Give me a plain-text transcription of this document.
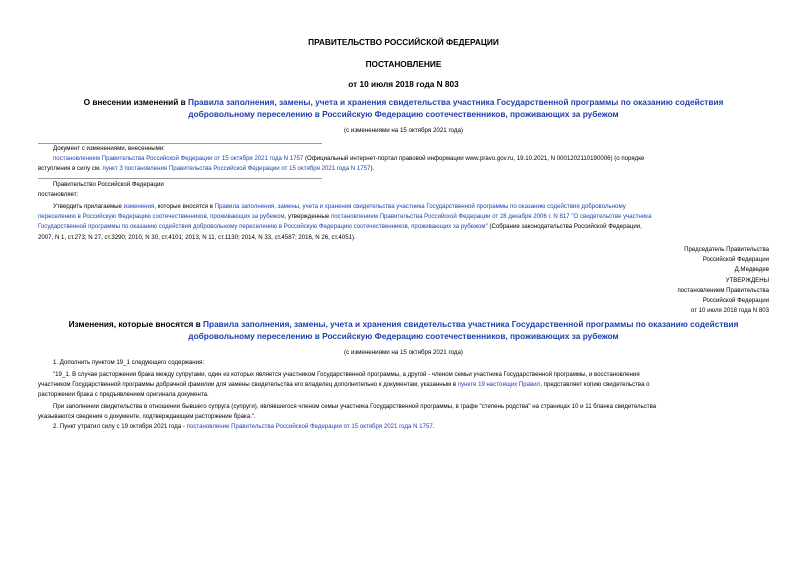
ПРАВИТЕЛЬСТВО РОССИЙСКОЙ ФЕДЕРАЦИИ
ПОСТАНОВЛЕНИЕ
от 10 июля 2018 года N 803
О внесении изменений в Правила заполнения, замены, учета и хранения свидетельства участника Государственной программы по оказанию содействия
добровольному переселению в Российскую Федерацию соотечественников, проживающих за рубежом
(с изменениями на 15 октября 2021 года)
Документ с изменениями, внесенными:
постановлением Правительства Российской Федерации от 15 октября 2021 года N 1757 (Официальный интернет-портал правовой информации www.pravo.gov.ru, 19.10.2021, N 0001202110190006) (о порядке
вступления в силу см. пункт 3 постановления Правительства Российской Федерации от 15 октября 2021 года N 1757).
Правительство Российской Федерации
постановляет:
Утвердить прилагаемые изменения, которые вносятся в Правила заполнения, замены, учета и хранения свидетельства участника Государственной программы по оказанию содействия добровольному
переселению в Российскую Федерацию соотечественников, проживающих за рубежом, утвержденные постановлением Правительства Российской Федерации от 28 декабря 2006 г. N 817 "О свидетельстве участника
Государственной программы по оказанию содействия добровольному переселению в Российскую Федерацию соотечественников, проживающих за рубежом" (Собрание законодательства Российской Федерации,
2007, N 1, ст.273; N 27, ст.3290; 2010, N 30, ст.4101; 2013, N 11, ст.1130; 2014, N 33, ст.4587; 2016, N 26, ст.4051).
Председатель Правительства
Российской Федерации
Д.Медведев
УТВЕРЖДЕНЫ
постановлением Правительства
Российской Федерации
от 10 июля 2018 года N 803
Изменения, которые вносятся в Правила заполнения, замены, учета и хранения свидетельства участника Государственной программы по оказанию содействия
добровольному переселению в Российскую Федерацию соотечественников, проживающих за рубежом
(с изменениями на 15 октября 2021 года)
1. Дополнить пунктом 19_1 следующего содержания:
"19_1. В случае расторжения брака между супругами, один из которых является участником Государственной программы, а другой - членом семьи участника Государственной программы, и восстановления
участником Государственной программы добрачной фамилии для замены свидетельства его владелец дополнительно к документам, указанным в пункте 19 настоящих Правил, представляет копию свидетельства о
расторжении брака с предъявлением оригинала документа.
При заполнении свидетельства в отношении бывшего супруга (супруги), являвшегося членом семьи участника Государственной программы, в графе "степень родства" на страницах 10 и 11 бланка свидетельства
указываются сведения о документе, подтверждающем расторжение брака.".
2. Пункт утратил силу с 19 октября 2021 года - постановление Правительства Российской Федерации от 15 октября 2021 года N 1757.
